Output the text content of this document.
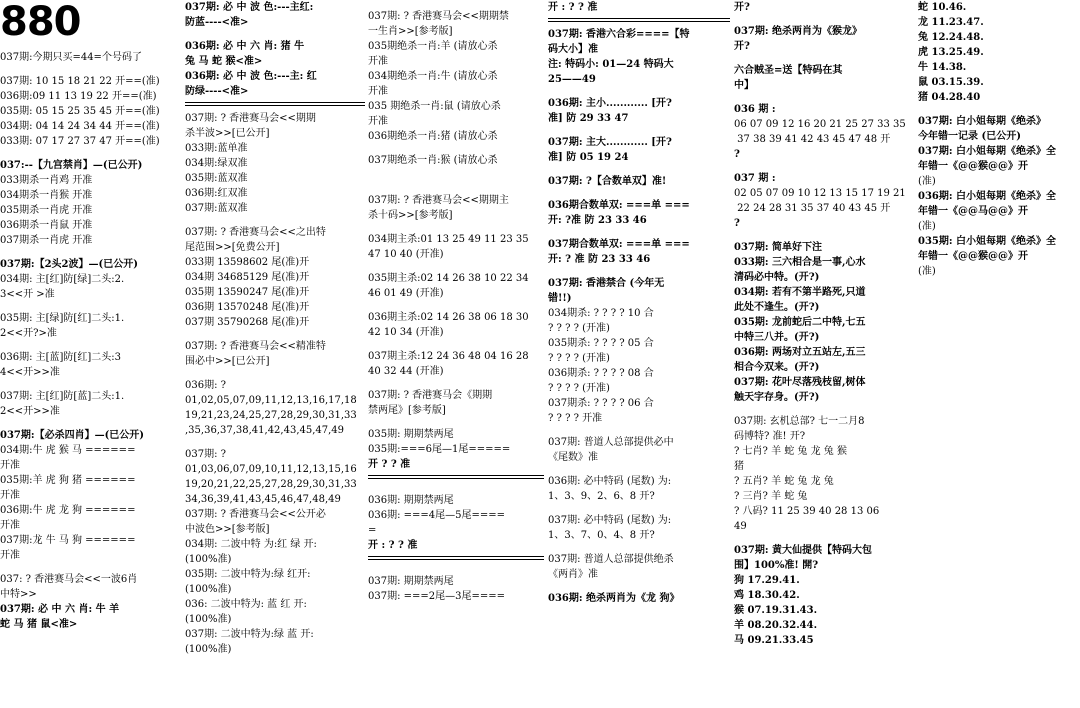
880
037期:今期只买=44=个号码了
037期: 10 15 18 21 22 开==(准)
036期:09 11 13 19 22 开==(准)
035期: 05 15 25 35 45 开==(准)
034期: 04 14 24 34 44 开==(准)
033期: 07 17 27 37 47 开==(准)
037:--【九宫禁肖】—(已公开)
033期杀一肖鸡 开准
034期杀一肖猴 开准
035期杀一肖虎 开准
036期杀一肖鼠 开准
037期杀一肖虎 开准
037期:【2头2波】—(已公开)
034期: 主[红]防[绿]二头:2.
3<<开 >准
035期: 主[绿]防[红]二头:1.
2<<开?>准
036期: 主[蓝]防[红]二头:3
4<<开>>准
037期: 主[红]防[蓝]二头:1.
2<<开>>准
037期:【必杀四肖】—(已公开)
034期:牛 虎 猴 马 ======
开准
035期:羊 虎 狗 猪 ======
开准
036期:牛 虎 龙 狗 ======
开准
037期:龙 牛 马 狗 ======
开准
037: ? 香港赛马会<<一波6肖
中特>>
037期: 必 中 六 肖: 牛 羊
蛇 马 猪 鼠<准>
037期: 必 中 波 色:---主红:
防蓝----<准>
036期: 必 中 六 肖: 猪 牛
兔 马 蛇 猴<准>
036期: 必 中 波 色:---主: 红
防绿----<准>
037期: ? 香港赛马会<<期期
杀半波>>[已公开]
033期:蓝单准
034期:绿双准
035期:蓝双准
036期:红双准
037期:蓝双准
037期: ? 香港赛马会<<之出特
尾范围>>[免费公开]
033期 13598602 尾(准)开
034期 34685129 尾(准)开
035期 13590247 尾(准)开
036期 13570248 尾(准)开
037期 35790268 尾(准)开
037期: ? 香港赛马会<<精准特
围必中>>[已公开]
036期: ?
01,02,05,07,09,11,12,13,16,17,18
19,21,23,24,25,27,28,29,30,31,33
,35,36,37,38,41,42,43,45,47,49
037期: ?
01,03,06,07,09,10,11,12,13,15,16
19,20,21,22,25,27,28,29,30,31,33
34,36,39,41,43,45,46,47,48,49
037期: ? 香港赛马会<<公开必
中波色>>[参考版]
034期: 二波中特 为:红 绿 开:
(100%准)
035期: 二波中特为:绿 红开:
(100%准)
036: 二波中特为: 蓝 红 开:
(100%准)
037期: 二波中特为:绿 蓝 开:
(100%准)
037期: ? 香港赛马会<<期期禁
一生肖>>[参考版]
035期绝杀一肖:羊 (请放心杀
开准
034期绝杀一肖:牛 (请放心杀
开准
035 期绝杀一肖:鼠 (请放心杀
开准
036期绝杀一肖:猪 (请放心杀
037期绝杀一肖:猴 (请放心杀
037期: ? 香港赛马会<<期期主
杀十码>>[参考版]
034期主杀:01 13 25 49 11 23 35
47 10 40 (开准)
035期主杀:02 14 26 38 10 22 34
46 01 49 (开准)
036期主杀:02 14 26 38 06 18 30
42 10 34 (开准)
037期主杀:12 24 36 48 04 16 28
40 32 44 (开准)
037期: ? 香港赛马会《期期
禁两尾》[参考版]
035期: 期期禁两尾
035期:===6尾—1尾=====
开 ? ? 准
036期: 期期禁两尾
036期: ===4尾—5尾====
=
开 : ? ? 准
037期: 期期禁两尾
037期: ===2尾—3尾====
开 : ? ? 准
037期: 香港六合彩====【特
码大小】准
注: 特码小: 01—24 特码大
25——49
036期: 主小............ [开?
准] 防 29 33 47
037期: 主大............ [开?
准] 防 05 19 24
037期: ?【合数单双】准!
036期合数单双: ===单 ===
开: ?准 防 23 33 46
037期合数单双: ===单 ===
开: ? 准 防 23 33 46
037期: 香港禁合 (今年无
错!!)
034期杀: ? ? ? ? 10 合
? ? ? ? (开准)
035期杀: ? ? ? ? 05 合
? ? ? ? (开准)
036期杀: ? ? ? ? 08 合
? ? ? ? (开准)
037期杀: ? ? ? ? 06 合
? ? ? ? 开准
037期: 普道人总部提供必中
《尾数》准
036期: 必中特码 (尾数) 为:
1、3、9、2、6、8 开?
037期: 必中特码 (尾数) 为:
1、3、7、0、4、8 开?
037期: 普道人总部提供绝杀
《两肖》准
036期: 绝杀两肖为《龙 狗》
开?
037期: 绝杀两肖为《猴龙》
开?
六合贼圣=送【特码在其
中】
036 期 :
06 07 09 12 16 20 21 25 27 33 35
37 38 39 41 42 43 45 47 48 开
?
037 期 :
02 05 07 09 10 12 13 15 17 19 21
22 24 28 31 35 37 40 43 45 开
?
037期: 简单好下注
033期: 三六相合是一事,心水
清码必中特。(开?)
034期: 若有不第半路死,只道
此处不逢生。(开?)
035期: 龙前蛇后二中特,七五
中特三八并。(开?)
036期: 两场对立五站左,五三
相合今双来。(开?)
037期: 花叶尽落残枝留,树体
触天字存身。(开?)
037期: 玄机总部? 七一二月8
码博特? 准! 开?
? 七肖? 羊 蛇 兔 龙 兔 猴
猪
? 五肖? 羊 蛇 兔 龙 兔
? 三肖? 羊 蛇 兔
? 八码? 11 25 39 40 28 13 06
49
037期: 黄大仙提供【特码大包
围】100%准! 開?
狗 17.29.41.
鸡 18.30.42.
猴 07.19.31.43.
羊 08.20.32.44.
马 09.21.33.45
蛇 10.46.
龙 11.23.47.
兔 12.24.48.
虎 13.25.49.
牛 14.38.
鼠 03.15.39.
猪 04.28.40
037期: 白小姐每期《绝杀》
今年错一记录 (已公开)
037期: 白小姐每期《绝杀》全
年错一《@@猴@@》开
(准)
036期: 白小姐每期《绝杀》全
年错一《@@马@@》开
(准)
035期: 白小姐每期《绝杀》全
年错一《@@猴@@》开
(准)
